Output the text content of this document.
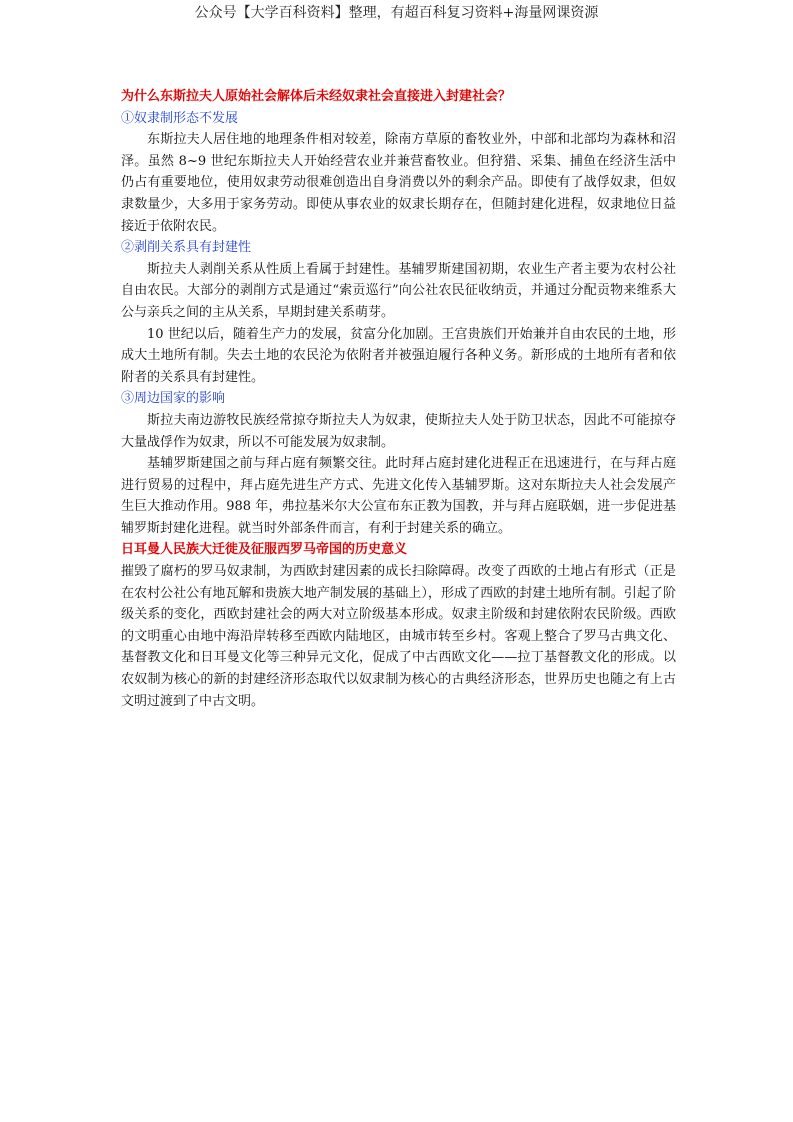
公众号【大学百科资料】整理，有超百科复习资料+海量网课资源

为什么东斯拉夫人原始社会解体后未经奴隶社会直接进入封建社会？

①奴隶制形态不发展

东斯拉夫人居住地的地理条件相对较差，除南方草原的畜牧业外，中部和北部均为森林和沼泽。虽然 8~9 世纪东斯拉夫人开始经营农业并兼营畜牧业。但狩猎、采集、捕鱼在经济生活中仍占有重要地位，使用奴隶劳动很难创造出自身消费以外的剩余产品。即使有了战俘奴隶，但奴隶数量少，大多用于家务劳动。即使从事农业的奴隶长期存在，但随封建化进程，奴隶地位日益接近于依附农民。

②剥削关系具有封建性

斯拉夫人剥削关系从性质上看属于封建性。基辅罗斯建国初期，农业生产者主要为农村公社自由农民。大部分的剥削方式是通过“索贡巡行”向公社农民征收纳贡，并通过分配贡物来维系大公与亲兵之间的主从关系，早期封建关系萌芽。

10 世纪以后，随着生产力的发展，贫富分化加剧。王宫贵族们开始兼并自由农民的土地，形成大土地所有制。失去土地的农民沦为依附者并被强迫履行各种义务。新形成的土地所有者和依附者的关系具有封建性。

③周边国家的影响

斯拉夫南边游牧民族经常掠夺斯拉夫人为奴隶，使斯拉夫人处于防卫状态，因此不可能掠夺大量战俘作为奴隶，所以不可能发展为奴隶制。

基辅罗斯建国之前与拜占庭有频繁交往。此时拜占庭封建化进程正在迅速进行，在与拜占庭进行贸易的过程中，拜占庭先进生产方式、先进文化传入基辅罗斯。这对东斯拉夫人社会发展产生巨大推动作用。988 年，弗拉基米尔大公宣布东正教为国教，并与拜占庭联姻，进一步促进基辅罗斯封建化进程。就当时外部条件而言，有利于封建关系的确立。

日耳曼人民族大迁徙及征服西罗马帝国的历史意义

摧毁了腐朽的罗马奴隶制，为西欧封建因素的成长扫除障碍。改变了西欧的土地占有形式（正是在农村公社公有地瓦解和贵族大地产制发展的基础上），形成了西欧的封建土地所有制。引起了阶级关系的变化，西欧封建社会的两大对立阶级基本形成。奴隶主阶级和封建依附农民阶级。西欧的文明重心由地中海沿岸转移至西欧内陆地区，由城市转至乡村。客观上整合了罗马古典文化、基督教文化和日耳曼文化等三种异元文化，促成了中古西欧文化——拉丁基督教文化的形成。以农奴制为核心的新的封建经济形态取代以奴隶制为核心的古典经济形态，世界历史也随之有上古文明过渡到了中古文明。
